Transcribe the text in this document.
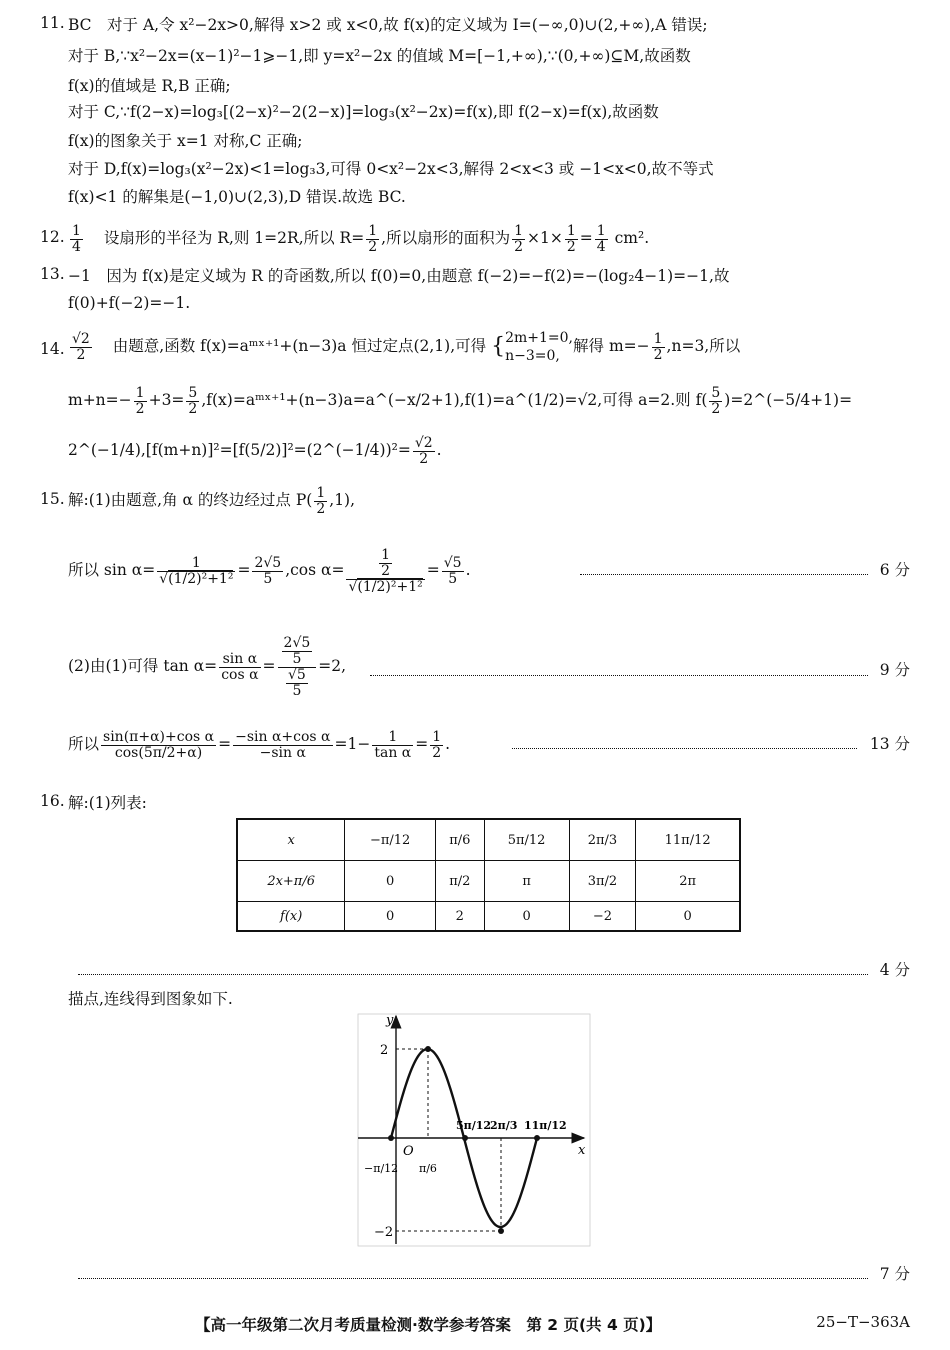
11. BC　对于 A,令 x²−2x>0,解得 x>2 或 x<0,故 f(x)的定义域为 I=(−∞,0)∪(2,+∞),A 错误;
对于 B,∵x²−2x=(x−1)²−1⩾−1,即 y=x²−2x 的值域 M=[−1,+∞),∵(0,+∞)⊆M,故函数
f(x)的值域是 R,B 正确;
对于 C,∵f(2−x)=log₃[(2−x)²−2(2−x)]=log₃(x²−2x)=f(x),即 f(2−x)=f(x),故函数
f(x)的图象关于 x=1 对称,C 正确;
对于 D,f(x)=log₃(x²−2x)<1=log₃3,可得 0<x²−2x<3,解得 2<x<3 或 −1<x<0,故不等式
f(x)<1 的解集是(−1,0)∪(2,3),D 错误.故选 BC.
12. $\frac{1}{4}$ 设扇形的半径为 R,则 1=2R,所以 $R= \frac{1}{2}$ ,所以扇形的面积为 $\frac{1}{2} \times 1\times \frac{1}{2} = \frac{1}{4} cm^2$.
13. −1　因为 f(x)是定义域为 R 的奇函数,所以 f(0)=0,由题意 f(−2)=−f(2)=−(log₂4−1)=−1,故
f(0)+f(−2)=−1.
14. $\frac{√2}{2}$ 由题意,函数 f(x)=aᵐˣ⁺¹+(n−3)a 恒过定点(2,1),可得 { 2m+1=0,
n−3=0,
解得 $m=- \frac{1}{2} ,n=3$,所以
$m+n=- \frac{1}{2} +3= \frac{5}{2}$ ,f(x)=aᵐˣ⁺¹+(n−3)a=a^(−x/2+1),f(1)=a^(1/2)=√2,可得 a=2.则 $f( \frac{5}{2}$ )=2^(−5/4+1)=
2^(−1/4),[f(m+n)]²=[f(5/2)]²=(2^(−1/4))²= $\frac{√2}{2}$ .
15. 解:(1)由题意,角 α 的终边经过点 $P( \frac{1}{2} ,1)$,
所以 $\sin \alpha= \frac{1}{\text{√(1/2)²+1²}} = \frac{2√5}{5} ,\cos$ $\alpha= \frac{\frac{1}{2}}{\text{√(1/2)²+1²}} = \frac{√5}{5}$ .	6 分
(2)由(1)可得 $\tan \alpha= \frac{\text{sin α}}{\text{cos α}} = \frac{\frac{2√5}{5}}{\frac{√5}{5}} =2$,	9 分
所以 $\frac{\text{sin(π+α)+cos α}}{\cos(5\pi/2+\alpha)} = \frac{\text{−sin α+cos α}}{\text{−sin α}} =1- \frac{1}{\text{tan α}} = \frac{1}{2}$ .	13 分
16. 解:(1)列表:
x	−π/12	π/6	5π/12	2π/3	11π/12
2x+π/6	0	π/2	π	3π/2	2π
f(x)	0	2	0	−2	0
4 分
描点,连线得到图象如下.
y
x
O
2
−2
−π/12 π/6
5π/12
2π/3 11π/12
7 分
【高一年级第二次月考质量检测·数学参考答案　第 2 页(共 4 页)】	25−T−363A
